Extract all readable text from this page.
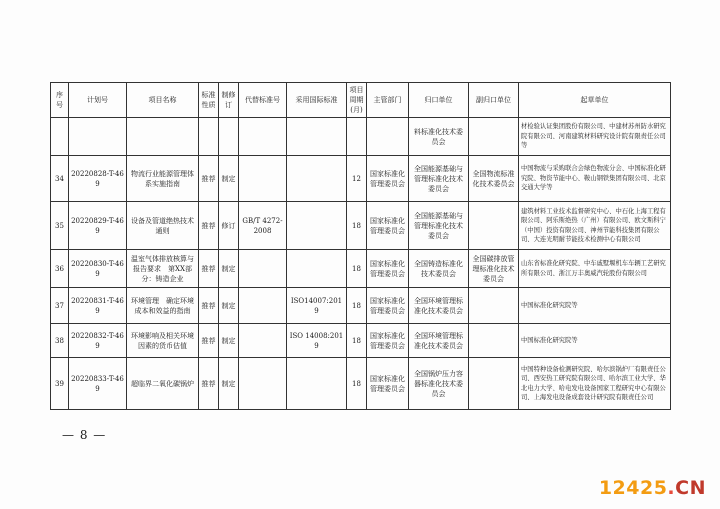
序号	计划号	项目名称	标准性质	制修订	代替标准号	采用国际标准	项目周期(月)	主管部门	归口单位	副归口单位	起草单位
									料标准化技术委员会		材检验认证集团股份有限公司、中建材苏州防水研究院有限公司、河南建筑材料研究设计院有限责任公司等
34	20220828-T-469	物流行业能源管理体系实施指南	推荐	制定			12	国家标准化管理委员会	全国能源基础与管理标准化技术委员会	全国物流标准化技术委员会	中国物流与采购联合会绿色物流分会、中国标准化研究院、物资节能中心、鞍山钢铁集团有限公司、北京交通大学等
35	20220829-T-469	设备及管道绝热技术通则	推荐	修订	GB/T 4272-2008		18	国家标准化管理委员会	全国能源基础与管理标准化技术委员会		建筑材料工业技术监督研究中心、中石化上海工程有限公司、阿乐斯绝热（广州）有限公司、欧文斯科宁（中国）投资有限公司、神州节能科技集团有限公司、大连光明耐节能技术检测中心有限公司
36	20220830-T-469	温室气体排放核算与报告要求　第XX部分：铸造企业	推荐	制定			18	国家标准化管理委员会	全国铸造标准化技术委员会	全国碳排放管理标准化技术委员会	山东省标准化研究院、中车戚墅堰机车车辆工艺研究所有限公司、浙江万丰奥威汽轮股份有限公司
37	20220831-T-469	环境管理　确定环境成本和效益的指南	推荐	制定		ISO14007:2019	18	国家标准化管理委员会	全国环境管理标准化技术委员会		中国标准化研究院等
38	20220832-T-469	环境影响及相关环境因素的货币估值	推荐	制定		ISO 14008:2019	18	国家标准化管理委员会	全国环境管理标准化技术委员会		中国标准化研究院等
39	20220833-T-469	超临界二氧化碳锅炉	推荐	制定			18	国家标准化管理委员会	全国锅炉压力容器标准化技术委员会		中国特种设备检测研究院、哈尔滨锅炉厂有限责任公司、西安热工研究院有限公司、哈尔滨工业大学、华北电力大学、哈电发电设备国家工程研究中心有限公司、上海发电设备成套设计研究院有限责任公司
— 8 —
12425.CN
